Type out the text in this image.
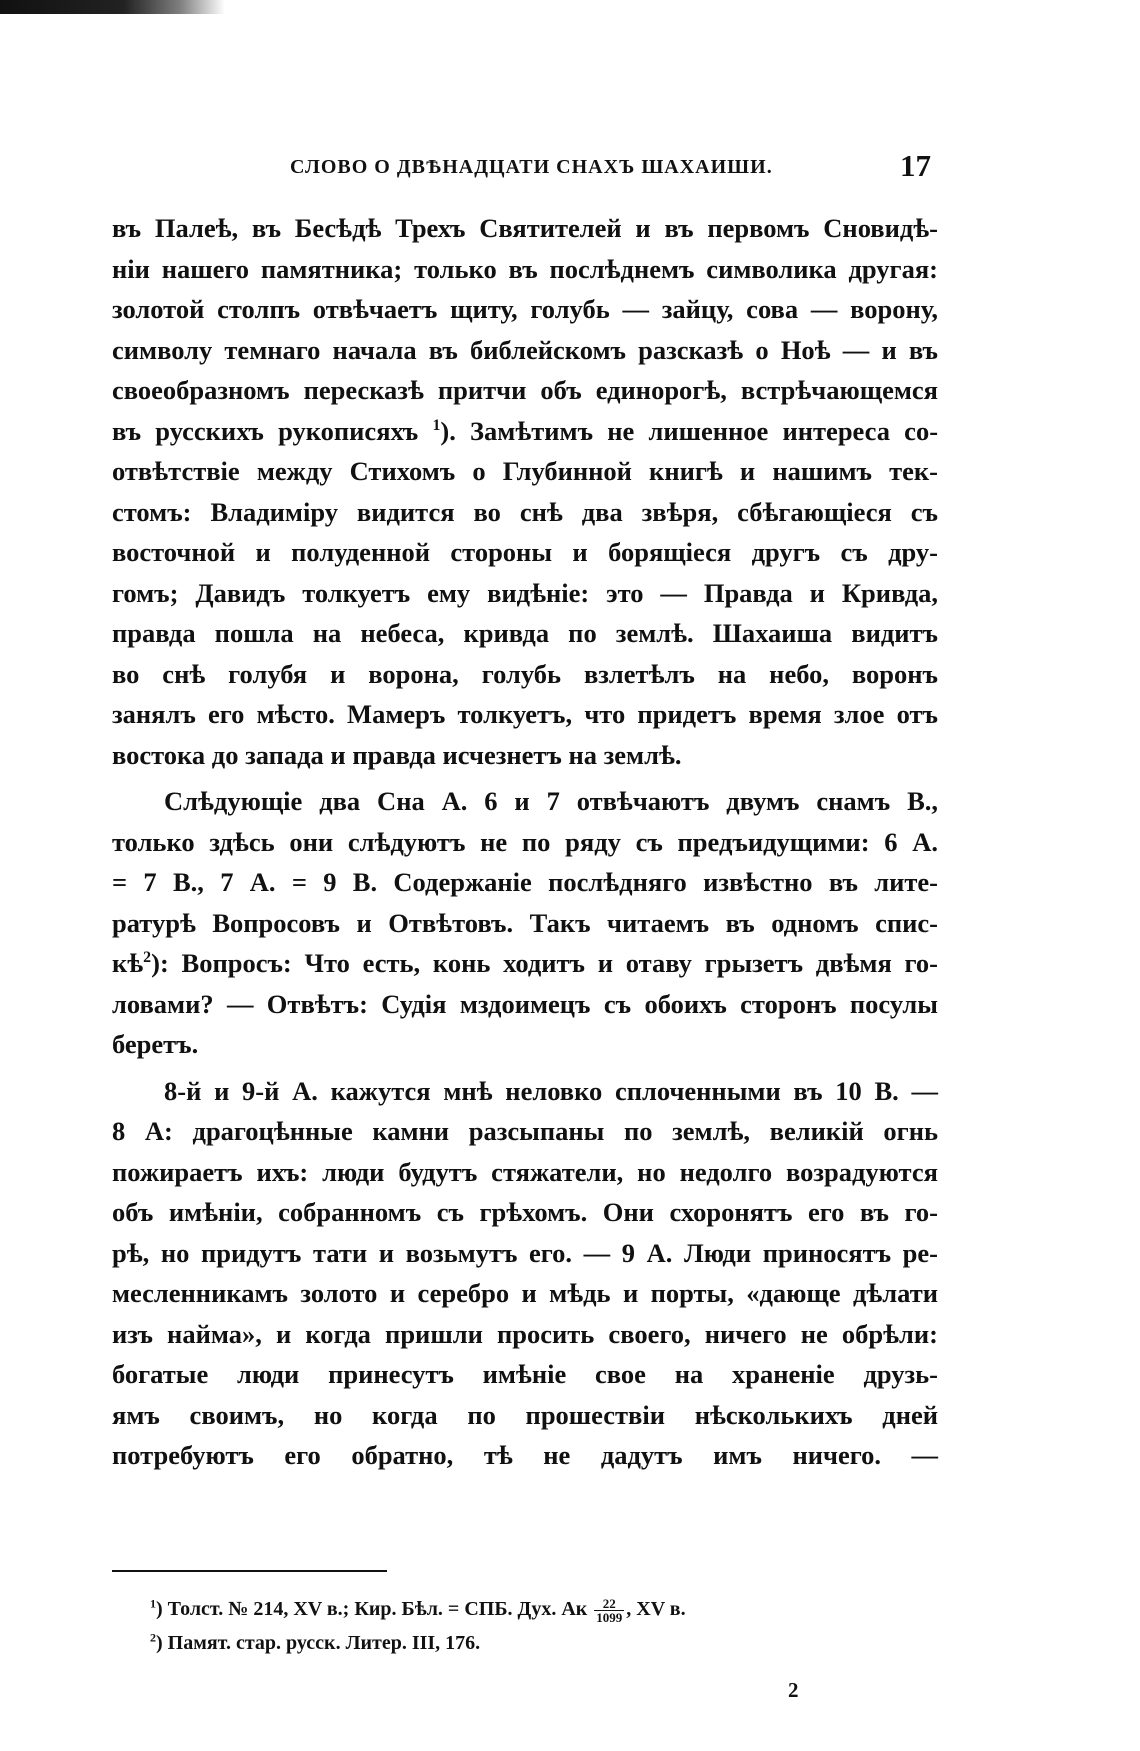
СЛОВО О ДВѢНАДЦАТИ СНАХЪ ШАХАИШИ.	17
въ Палеѣ, въ Бесѣдѣ Трехъ Святителей и въ первомъ Сновидѣ-
ніи нашего памятника; только въ послѣднемъ символика другая:
золотой столпъ отвѣчаетъ щиту, голубь — зайцу, сова — ворону,
символу темнаго начала въ библейскомъ разсказѣ о Ноѣ — и въ
своеобразномъ пересказѣ притчи объ единорогѣ, встрѣчающемся
въ русскихъ рукописяхъ $^1$). Замѣтимъ не лишенное интереса со-
отвѣтствіе между Стихомъ о Глубинной книгѣ и нашимъ тек-
стомъ: Владиміру видится во снѣ два звѣря, сбѣгающіеся съ
восточной и полуденной стороны и борящіеся другъ съ дру-
гомъ; Давидъ толкуетъ ему видѣніе: это — Правда и Кривда,
правда пошла на небеса, кривда по землѣ. Шахаиша видитъ
во снѣ голубя и ворона, голубь взлетѣлъ на небо, воронъ
занялъ его мѣсто. Мамеръ толкуетъ, что придетъ время злое отъ
востока до запада и правда исчезнетъ на землѣ.
Слѣдующіе два Сна А. 6 и 7 отвѣчаютъ двумъ снамъ В.,
только здѣсь они слѣдуютъ не по ряду съ предъидущими: 6 А.
= 7 В., 7 А. = 9 В. Содержаніе послѣдняго извѣстно въ лите-
ратурѣ Вопросовъ и Отвѣтовъ. Такъ читаемъ въ одномъ спис-
$кѣ^2$): Вопросъ: Что есть, конь ходитъ и отаву грызетъ двѣмя го-
ловами? — Отвѣтъ: Судія мздоимецъ съ обоихъ сторонъ посулы
беретъ.
8-й и 9-й А. кажутся мнѣ неловко сплоченными въ 10 В. —
8 А: драгоцѣнные камни разсыпаны по землѣ, великій огнь
пожираетъ ихъ: люди будутъ стяжатели, но недолго возрадуются
объ имѣніи, собранномъ съ грѣхомъ. Они схоронятъ его въ го-
рѣ, но придутъ тати и возьмутъ его. — 9 А. Люди приносятъ ре-
месленникамъ золото и серебро и мѣдь и порты, «дающе дѣлати
изъ найма», и когда пришли просить своего, ничего не обрѣли:
богатые люди принесутъ имѣніе свое на храненіе друзь-
ямъ своимъ, но когда по прошествіи нѣсколькихъ дней
потребуютъ его обратно, тѣ не дадутъ имъ ничего. —
$^1$) Толст. № 214, XV в.; Кир. Бѣл. = СПБ. Дух. Ак $\frac{22}{1099}$ , XV в.
$^2$) Памят. стар. русск. Литер. III, 176.
2
